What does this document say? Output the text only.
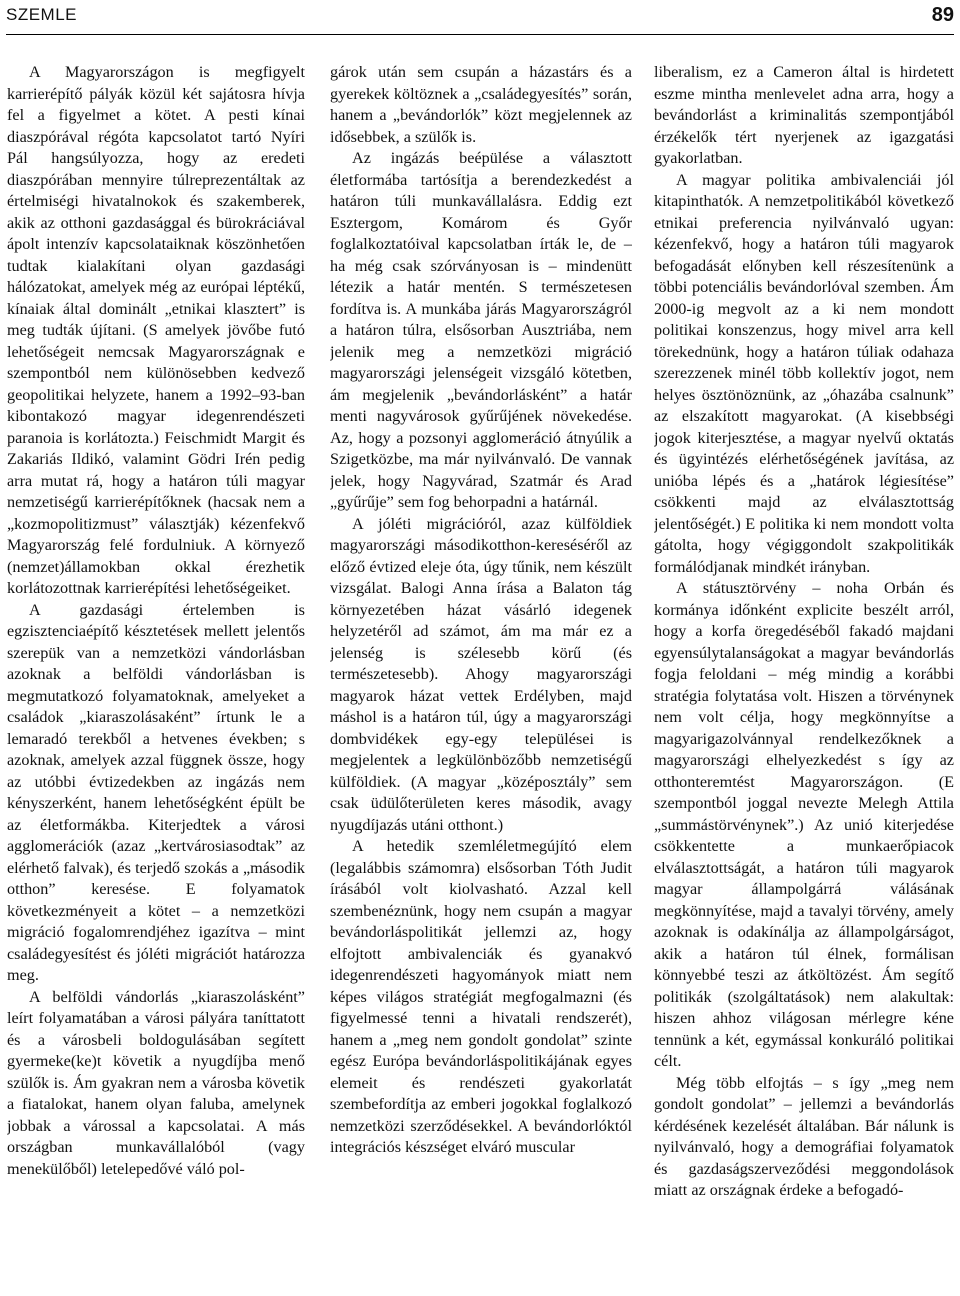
SZEMLE	89

A Magyarországon is megfigyelt karrierépítő pályák közül két sajátosra hívja fel a figyelmet a kötet. A pesti kínai diaszpórával régóta kapcsolatot tartó Nyíri Pál hangsúlyozza, hogy az eredeti diaszpórában mennyire túlreprezentáltak az értelmiségi hivatalnokok és szakemberek, akik az otthoni gazdasággal és bürokráciával ápolt intenzív kapcsolataiknak köszönhetően tudtak kialakítani olyan gazdasági hálózatokat, amelyek még az európai léptékű, kínaiak által dominált „etnikai klasztert” is meg tudták újítani. (S amelyek jövőbe futó lehetőségeit nemcsak Magyarországnak e szempontból nem különösebben kedvező geopolitikai helyzete, hanem a 1992–93-ban kibontakozó magyar idegenrendészeti paranoia is korlátozta.) Feischmidt Margit és Zakariás Ildikó, valamint Gödri Irén pedig arra mutat rá, hogy a határon túli magyar nemzetiségű karrierépítőknek (hacsak nem a „kozmopolitizmust” választják) kézenfekvő Magyarország felé fordulniuk. A környező (nemzet)államokban okkal érezhetik korlátozottnak karrierépítési lehetőségeiket.

A gazdasági értelemben is egzisztenciaépítő késztetések mellett jelentős szerepük van a nemzetközi vándorlásban azoknak a belföldi vándorlásban is megmutatkozó folyamatoknak, amelyeket a családok „kiaraszolásaként” írtunk le a lemaradó terekből a hetvenes években; s azoknak, amelyek azzal függnek össze, hogy az utóbbi évtizedekben az ingázás nem kényszerként, hanem lehetőségként épült be az életformákba. Kiterjedtek a városi agglomerációk (azaz „kertvárosiasodtak” az elérhető falvak), és terjedő szokás a „második otthon” keresése. E folyamatok következményeit a kötet – a nemzetközi migráció fogalomrendjéhez igazítva – mint családegyesítést és jóléti migrációt határozza meg.

A belföldi vándorlás „kiaraszolásként” leírt folyamatában a városi pályára taníttatott és a városbeli boldogulásában segített gyermeke(ke)t követik a nyugdíjba menő szülők is. Ám gyakran nem a városba követik a fiatalokat, hanem olyan faluba, amelynek jobbak a várossal a kapcsolatai. A más országban munkavállalóból (vagy menekülőből) letelepedővé váló pol-

gárok után sem csupán a házastárs és a gyerekek költöznek a „családegyesítés” során, hanem a „bevándorlók” közt megjelennek az idősebbek, a szülők is.

Az ingázás beépülése a választott életformába tartósítja a berendezkedést a határon túli munkavállalásra. Eddig ezt Esztergom, Komárom és Győr foglalkoztatóival kapcsolatban írták le, de – ha még csak szórványosan is – mindenütt létezik a határ mentén. S természetesen fordítva is. A munkába járás Magyarországról a határon túlra, elsősorban Ausztriába, nem jelenik meg a nemzetközi migráció magyarországi jelenségeit vizsgáló kötetben, ám megjelenik „bevándorlásként” a határ menti nagyvárosok gyűrűjének növekedése. Az, hogy a pozsonyi agglomeráció átnyúlik a Szigetközbe, ma már nyilvánvaló. De vannak jelek, hogy Nagyvárad, Szatmár és Arad „gyűrűje” sem fog behorpadni a határnál.

A jóléti migrációról, azaz külföldiek magyarországi másodikotthon-kereséséről az előző évtized eleje óta, úgy tűnik, nem készült vizsgálat. Balogi Anna írása a Balaton tág környezetében házat vásárló idegenek helyzetéről ad számot, ám ma már ez a jelenség is szélesebb körű (és természetesebb). Ahogy magyarországi magyarok házat vettek Erdélyben, majd máshol is a határon túl, úgy a magyarországi dombvidékek egy-egy települései is megjelentek a legkülönbözőbb nemzetiségű külföldiek. (A magyar „középosztály” sem csak üdülőterületen keres második, avagy nyugdíjazás utáni otthont.)

A hetedik szemléletmegújító elem (legalábbis számomra) elsősorban Tóth Judit írásából volt kiolvasható. Azzal kell szembenéznünk, hogy nem csupán a magyar bevándorláspolitikát jellemzi az, hogy elfojtott ambivalenciák és gyanakvó idegenrendészeti hagyományok miatt nem képes világos stratégiát megfogalmazni (és figyelmessé tenni a hivatali rendszerét), hanem a „meg nem gondolt gondolat” szinte egész Európa bevándorláspolitikájának egyes elemeit és rendészeti gyakorlatát szembefordítja az emberi jogokkal foglalkozó nemzetközi szerződésekkel. A bevándorlóktól integrációs készséget elváró muscular

liberalism, ez a Cameron által is hirdetett eszme mintha menlevelet adna arra, hogy a bevándorlást a kriminalitás szempontjából érzékelők tért nyerjenek az igazgatási gyakorlatban.

A magyar politika ambivalenciái jól kitapinthatók. A nemzetpolitikából következő etnikai preferencia nyilvánvaló ugyan: kézenfekvő, hogy a határon túli magyarok befogadását előnyben kell részesítenünk a többi potenciális bevándorlóval szemben. Ám 2000-ig megvolt az a ki nem mondott politikai konszenzus, hogy mivel arra kell törekednünk, hogy a határon túliak odahaza szerezzenek minél több kollektív jogot, nem helyes ösztönöznünk, az „óhazába csalnunk” az elszakított magyarokat. (A kisebbségi jogok kiterjesztése, a magyar nyelvű oktatás és ügyintézés elérhetőségének javítása, az unióba lépés és a „határok légiesítése” csökkenti majd az elválasztottság jelentőségét.) E politika ki nem mondott volta gátolta, hogy végiggondolt szakpolitikák formálódjanak mindkét irányban.

A státusztörvény – noha Orbán és kormánya időnként explicite beszélt arról, hogy a korfa öregedéséből fakadó majdani egyensúlytalanságokat a magyar bevándorlás fogja feloldani – még mindig a korábbi stratégia folytatása volt. Hiszen a törvénynek nem volt célja, hogy megkönnyítse a magyarigazolvánnyal rendelkezőknek a magyarországi elhelyezkedést s így az otthonteremtést Magyarországon. (E szempontból joggal nevezte Melegh Attila „summástörvénynek”.) Az unió kiterjedése csökkentette a munkaerőpiacok elválasztottságát, a határon túli magyarok magyar állampolgárrá válásának megkönnyítése, majd a tavalyi törvény, amely azoknak is odakínálja az állampolgárságot, akik a határon túl élnek, formálisan könnyebbé teszi az átköltözést. Ám segítő politikák (szolgáltatások) nem alakultak: hiszen ahhoz világosan mérlegre kéne tennünk a két, egymással konkuráló politikai célt.

Még több elfojtás – s így „meg nem gondolt gondolat” – jellemzi a bevándorlás kérdésének kezelését általában. Bár nálunk is nyilvánvaló, hogy a demográfiai folyamatok és gazdaságszerveződési meggondolások miatt az országnak érdeke a befogadó-
